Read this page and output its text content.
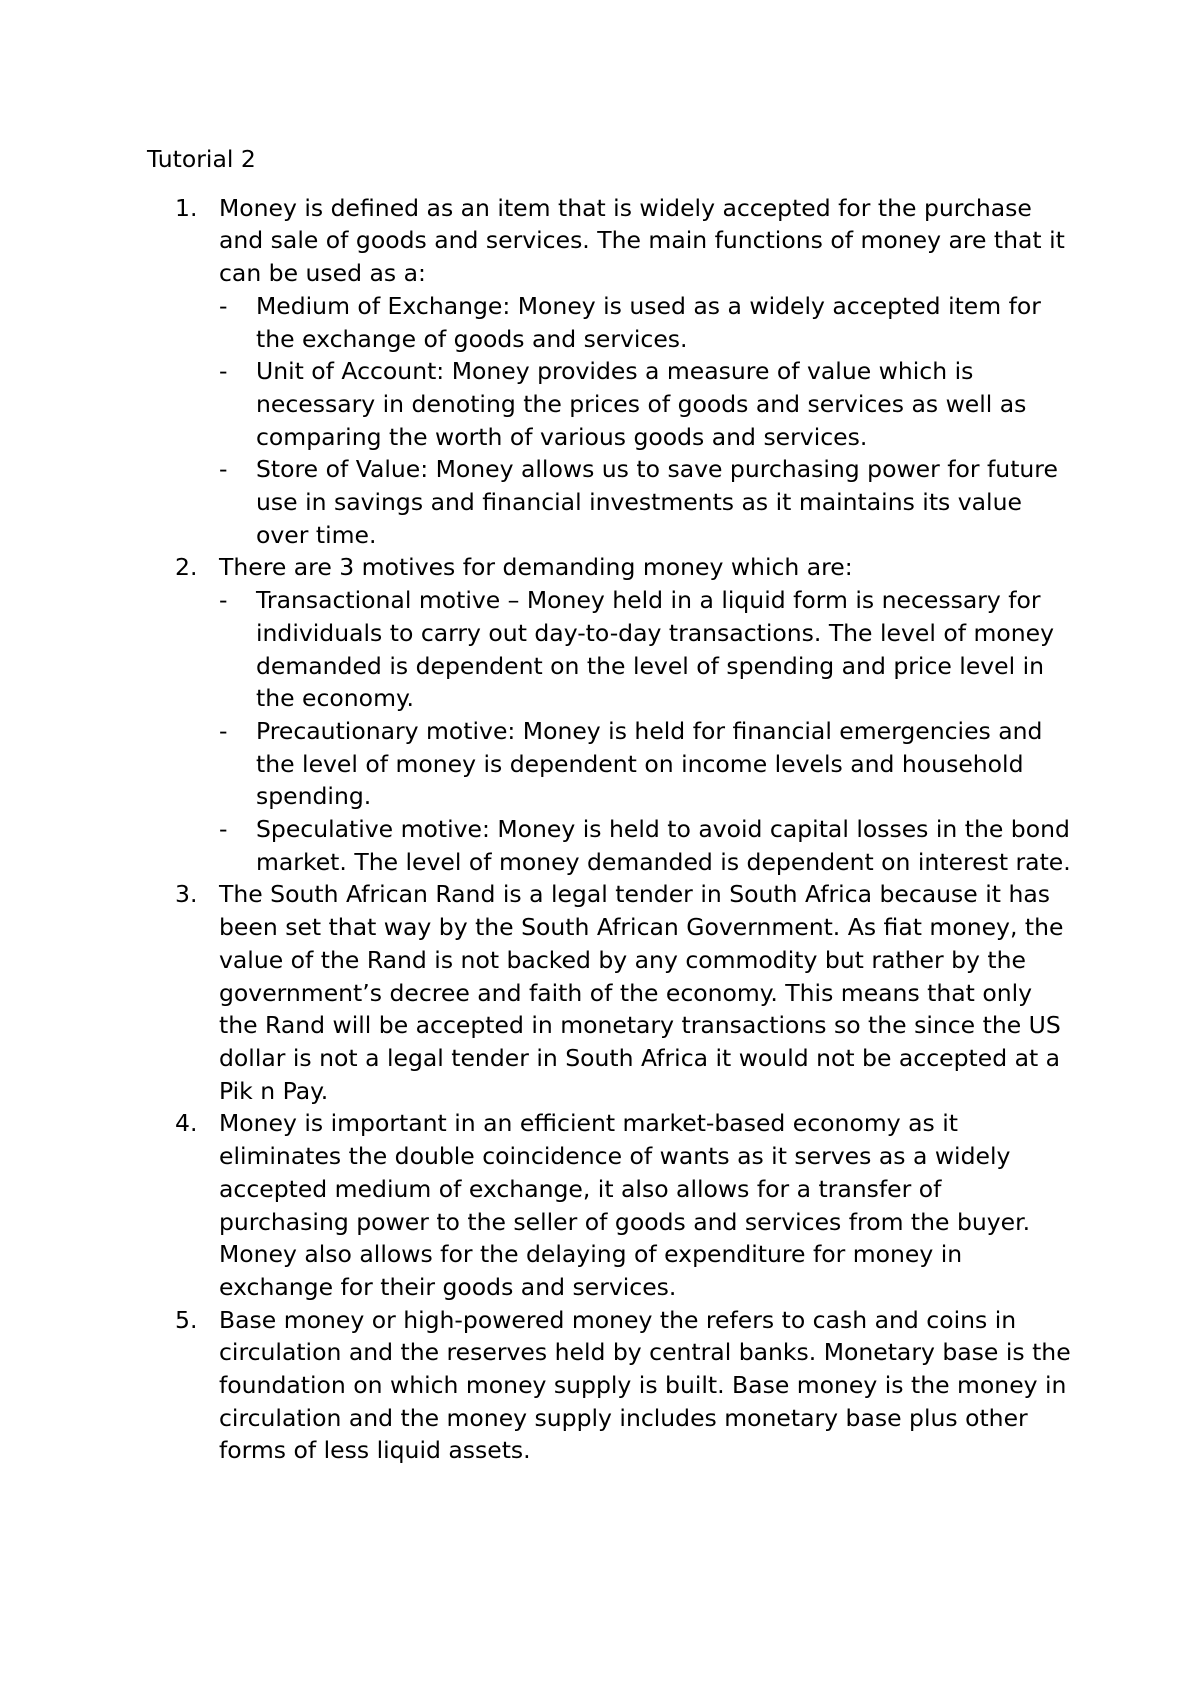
Tutorial 2
1. Money is defined as an item that is widely accepted for the purchase and sale of goods and services. The main functions of money are that it can be used as a:
- Medium of Exchange: Money is used as a widely accepted item for the exchange of goods and services.
- Unit of Account: Money provides a measure of value which is necessary in denoting the prices of goods and services as well as comparing the worth of various goods and services.
- Store of Value: Money allows us to save purchasing power for future use in savings and financial investments as it maintains its value over time.
2. There are 3 motives for demanding money which are:
- Transactional motive – Money held in a liquid form is necessary for individuals to carry out day-to-day transactions. The level of money demanded is dependent on the level of spending and price level in the economy.
- Precautionary motive: Money is held for financial emergencies and the level of money is dependent on income levels and household spending.
- Speculative motive: Money is held to avoid capital losses in the bond market. The level of money demanded is dependent on interest rate.
3. The South African Rand is a legal tender in South Africa because it has been set that way by the South African Government. As fiat money, the value of the Rand is not backed by any commodity but rather by the government’s decree and faith of the economy. This means that only the Rand will be accepted in monetary transactions so the since the US dollar is not a legal tender in South Africa it would not be accepted at a Pik n Pay.
4. Money is important in an efficient market-based economy as it eliminates the double coincidence of wants as it serves as a widely accepted medium of exchange, it also allows for a transfer of purchasing power to the seller of goods and services from the buyer. Money also allows for the delaying of expenditure for money in exchange for their goods and services.
5. Base money or high-powered money the refers to cash and coins in circulation and the reserves held by central banks. Monetary base is the foundation on which money supply is built. Base money is the money in circulation and the money supply includes monetary base plus other forms of less liquid assets.
